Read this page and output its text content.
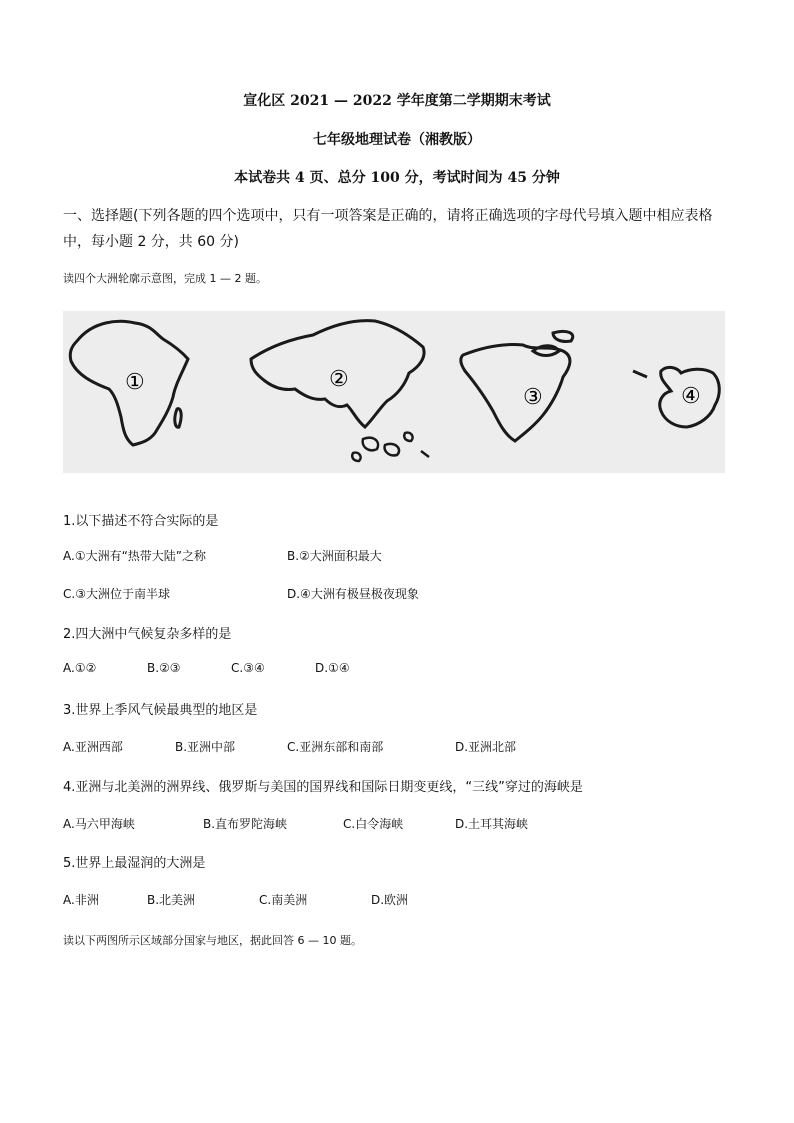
宣化区 2021 — 2022 学年度第二学期期末考试
七年级地理试卷（湘教版）
本试卷共 4 页、总分 100 分，考试时间为 45 分钟
一、选择题(下列各题的四个选项中，只有一项答案是正确的，请将正确选项的字母代号填入题中相应表格中，每小题 2 分，共 60 分)
读四个大洲轮廓示意图，完成 1 — 2 题。
①	②
③	④
1.以下描述不符合实际的是
A.①大洲有“热带大陆”之称	B.②大洲面积最大
C.③大洲位于南半球	D.④大洲有极昼极夜现象
2.四大洲中气候复杂多样的是
A.①②	B.②③	C.③④	D.①④
3.世界上季风气候最典型的地区是
A.亚洲西部	B.亚洲中部	C.亚洲东部和南部	D.亚洲北部
4.亚洲与北美洲的洲界线、俄罗斯与美国的国界线和国际日期变更线，“三线”穿过的海峡是
A.马六甲海峡	B.直布罗陀海峡	C.白令海峡	D.土耳其海峡
5.世界上最湿润的大洲是
A.非洲	B.北美洲	C.南美洲	D.欧洲
读以下两图所示区域部分国家与地区，据此回答 6 — 10 题。
